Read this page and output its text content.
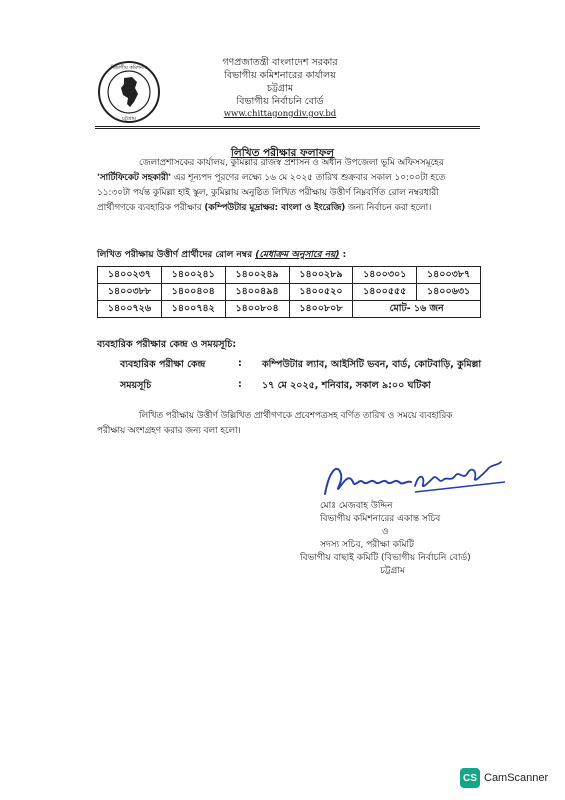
বিভাগীয় কমিশনার
চট্টগ্রাম
গণপ্রজাতন্ত্রী বাংলাদেশ সরকার
বিভাগীয় কমিশনারের কার্যালয়
চট্টগ্রাম
বিভাগীয় নির্বাচনি বোর্ড
www.chittagongdiv.gov.bd
লিখিত পরীক্ষার ফলাফল
জেলাপ্রশাসকের কার্যালয়, কুমিল্লার রাজস্ব প্রশাসন ও অধীন উপজেলা ভূমি অফিসসমূহের
'সার্টিফিকেট সহকারী' এর শূন্যপদ পূরণের লক্ষ্যে ১৬ মে ২০২৫ তারিখ শুক্রবার সকাল ১০:০০টা হতে
১১:৩০টা পর্যন্ত কুমিল্লা হাই স্কুল, কুমিল্লায় অনুষ্ঠিত লিখিত পরীক্ষায় উত্তীর্ণ নিম্নবর্ণিত রোল নম্বরধারী
প্রার্থীগণকে ব্যবহারিক পরীক্ষার (কম্পিউটার মুদ্রাক্ষর: বাংলা ও ইংরেজি) জন্য নির্বাচন করা হলো।
লিখিত পরীক্ষায় উত্তীর্ণ প্রার্থীদের রোল নম্বর (মেধাক্রম অনুসারে নয়) :
১৪০০২৩৭	১৪০০২৪১	১৪০০২৪৯	১৪০০২৮৯	১৪০০৩০১	১৪০০৩৮৭
১৪০০৩৮৮	১৪০০৪০৪	১৪০০৪৯৪	১৪০০৫২০	১৪০০৫৫৫	১৪০০৬৩১
১৪০০৭২৬	১৪০০৭৪২	১৪০০৮০৪	১৪০০৮০৮	মোট- ১৬ জন	
ব্যবহারিক পরীক্ষার কেন্দ্র ও সময়সূচি:
ব্যবহারিক পরীক্ষা কেন্দ্র	: কম্পিউটার ল্যাব, আইসিটি ভবন, বার্ড, কোটবাড়ি, কুমিল্লা
সময়সূচি	: ১৭ মে ২০২৫, শনিবার, সকাল ৯:০০ ঘটিকা
লিখিত পরীক্ষায় উত্তীর্ণ উল্লিখিত প্রার্থীগণকে প্রবেশপত্রসহ বর্ণিত তারিখ ও সময়ে ব্যবহারিক
পরীক্ষায় অংশগ্রহণ করার জন্য বলা হলো।
মোঃ মেজবাহ উদ্দিন
বিভাগীয় কমিশনারের একান্ত সচিব
ও
সদস্য সচিব, পরীক্ষা কমিটি
বিভাগীয় বাছাই কমিটি (বিভাগীয় নির্বাচনি বোর্ড)
চট্টগ্রাম
CS CamScanner
